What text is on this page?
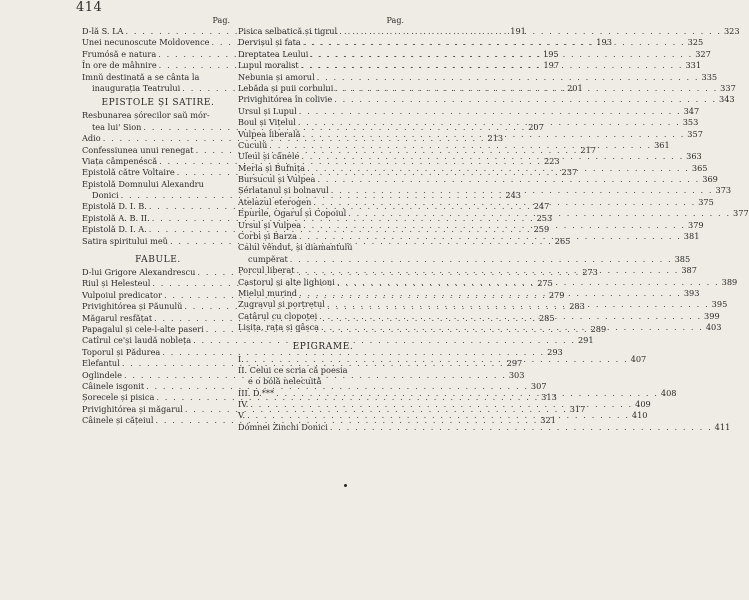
414
Pag.
D-lă S. LA . . .	191
Unei necunoscute Moldovence . . .	193
Frumósă e natura . . .	195
În ore de mâhnire . . .	197
Imnŭ destinată a se cânta la
inaugurația Teatrului . . .	201
EPISTOLE ȘI SATIRE.
Resbunarea șórecilor saŭ mór-
tea lui' Sion . . .	207
Adio . . .	213
Confessiunea unui renegat . . .	217
Viața câmpenéscă . . .	223
Epistolă către Voltaire . . .	237
Epistolă Domnului Alexandru
Donici . . .	243
Epistolă D. I. B. . . .	247
Epistolă A. B. II. . . .	253
Epistolă D. I. A. . . .	259
Satira spiritului meŭ . . .	265
FABULE.
D-lui Grigore Alexandrescu . . .	273
Riul și Helesteul . . .	275
Vulpoiul predicator . . .	279
Privighitórea și Păunulŭ . . .	283
Măgarul resfățat . . .	285
Papagalul și cele-l-alte paseri . . .	289
Catîrul ce'și laudă nobleța . . .	291
Toporul și Pădurea . . .	293
Elefantul . . .	297
Oglindele . . .	303
Câinele isgonit . . .	307
Șorecele și pisica . . .	313
Privighitórea și măgarul . . .	317
Câinele și cățeiul . . .	321
Pag.
Pisica selbatică și tigrul . . .	323
Dervișul și fata . . .	325
Dreptatea Leului . . .	327
Lupul moralist . . .	331
Nebunia și amorul . . .	335
Lebăda și puii corbului . . .	337
Privighitórea în colivie . . .	343
Ursul și Lupul . . .	347
Boul și Vițelul . . .	353
Vulpea liberală . . .	357
Cuculŭ . . .	361
Uleul și cânele . . .	363
Merla și Bufnița . . .	365
Bursucul și Vulpea . . .	369
Șérlatanul și bolnavul . . .	373
Atelazul eterogen . . .	375
Epurile, Ogarul și Copoiul . . .	377
Ursul și Vulpea . . .	379
Corbi și Barza . . .	381
Calul vêndut, și diamantulŭ
cumpĕrat . . .	385
Porcul liberat . . .	387
Castorul și alte lighioni . . .	389
Mielul murind . . .	393
Zugravul și portretul . . .	395
Catârul cu clopoței . . .	399
Lișița, rața și gâsca . . .	403
EPIGRAME.
I. . . .	407
II. Celui ce scria că poesia
e o bólă nelecuită
III. D.*** . . .	408
IV. . . .	409
V. . . .	410
Dómnei Zinchi Donici . . .	411
